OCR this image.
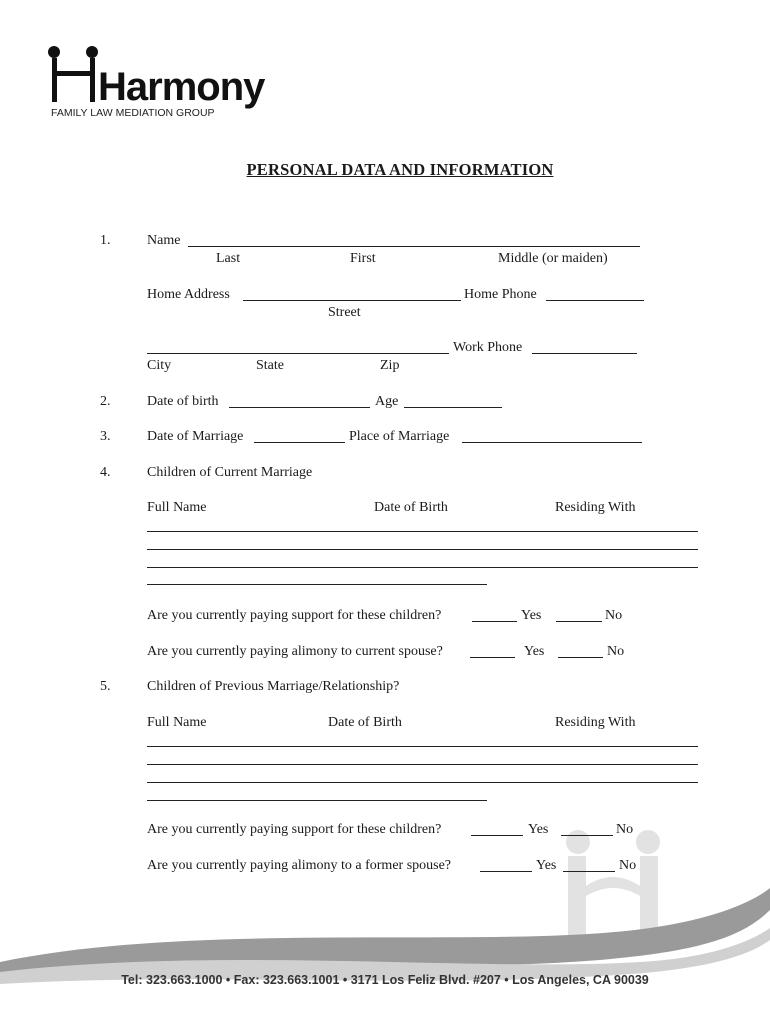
Harmony
FAMILY LAW MEDIATION GROUP
PERSONAL DATA AND INFORMATION
1.	Name
Last	First	Middle (or maiden)
Home Address	Home Phone
Street
Work Phone
City	State	Zip
2.	Date of birth	Age
3.	Date of Marriage	Place of Marriage
4.	Children of Current Marriage
Full Name	Date of Birth	Residing With
Are you currently paying support for these children?	Yes	No
Are you currently paying alimony to current spouse?	Yes	No
5.	Children of Previous Marriage/Relationship?
Full Name	Date of Birth	Residing With
Are you currently paying support for these children?	Yes	No
Are you currently paying alimony to a former spouse?	Yes	No
Tel: 323.663.1000 • Fax: 323.663.1001 • 3171 Los Feliz Blvd. #207 • Los Angeles, CA 90039
